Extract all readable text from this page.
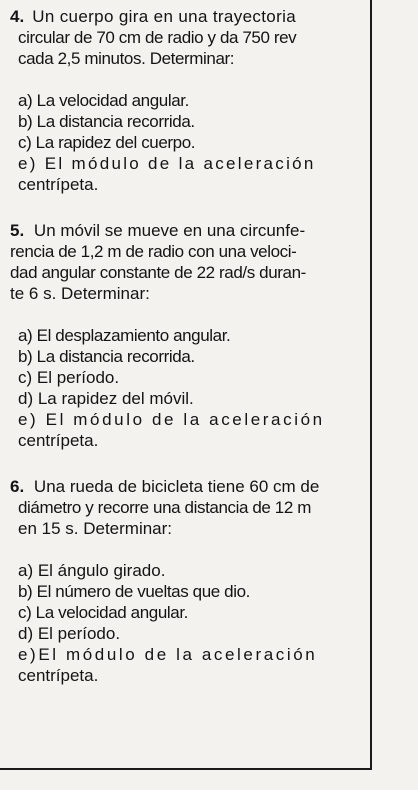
4. Un cuerpo gira en una trayectoria
circular de 70 cm de radio y da 750 rev
cada 2,5 minutos. Determinar:
a) La velocidad angular.
b) La distancia recorrida.
c) La rapidez del cuerpo.
e) El módulo de la aceleración
centrípeta.
5. Un móvil se mueve en una circunfe-
rencia de 1,2 m de radio con una veloci-
dad angular constante de 22 rad/s duran-
te 6 s. Determinar:
a) El desplazamiento angular.
b) La distancia recorrida.
c) El período.
d) La rapidez del móvil.
e) El módulo de la aceleración
centrípeta.
6. Una rueda de bicicleta tiene 60 cm de
diámetro y recorre una distancia de 12 m
en 15 s. Determinar:
a) El ángulo girado.
b) El número de vueltas que dio.
c) La velocidad angular.
d) El período.
e)El módulo de la aceleración
centrípeta.
